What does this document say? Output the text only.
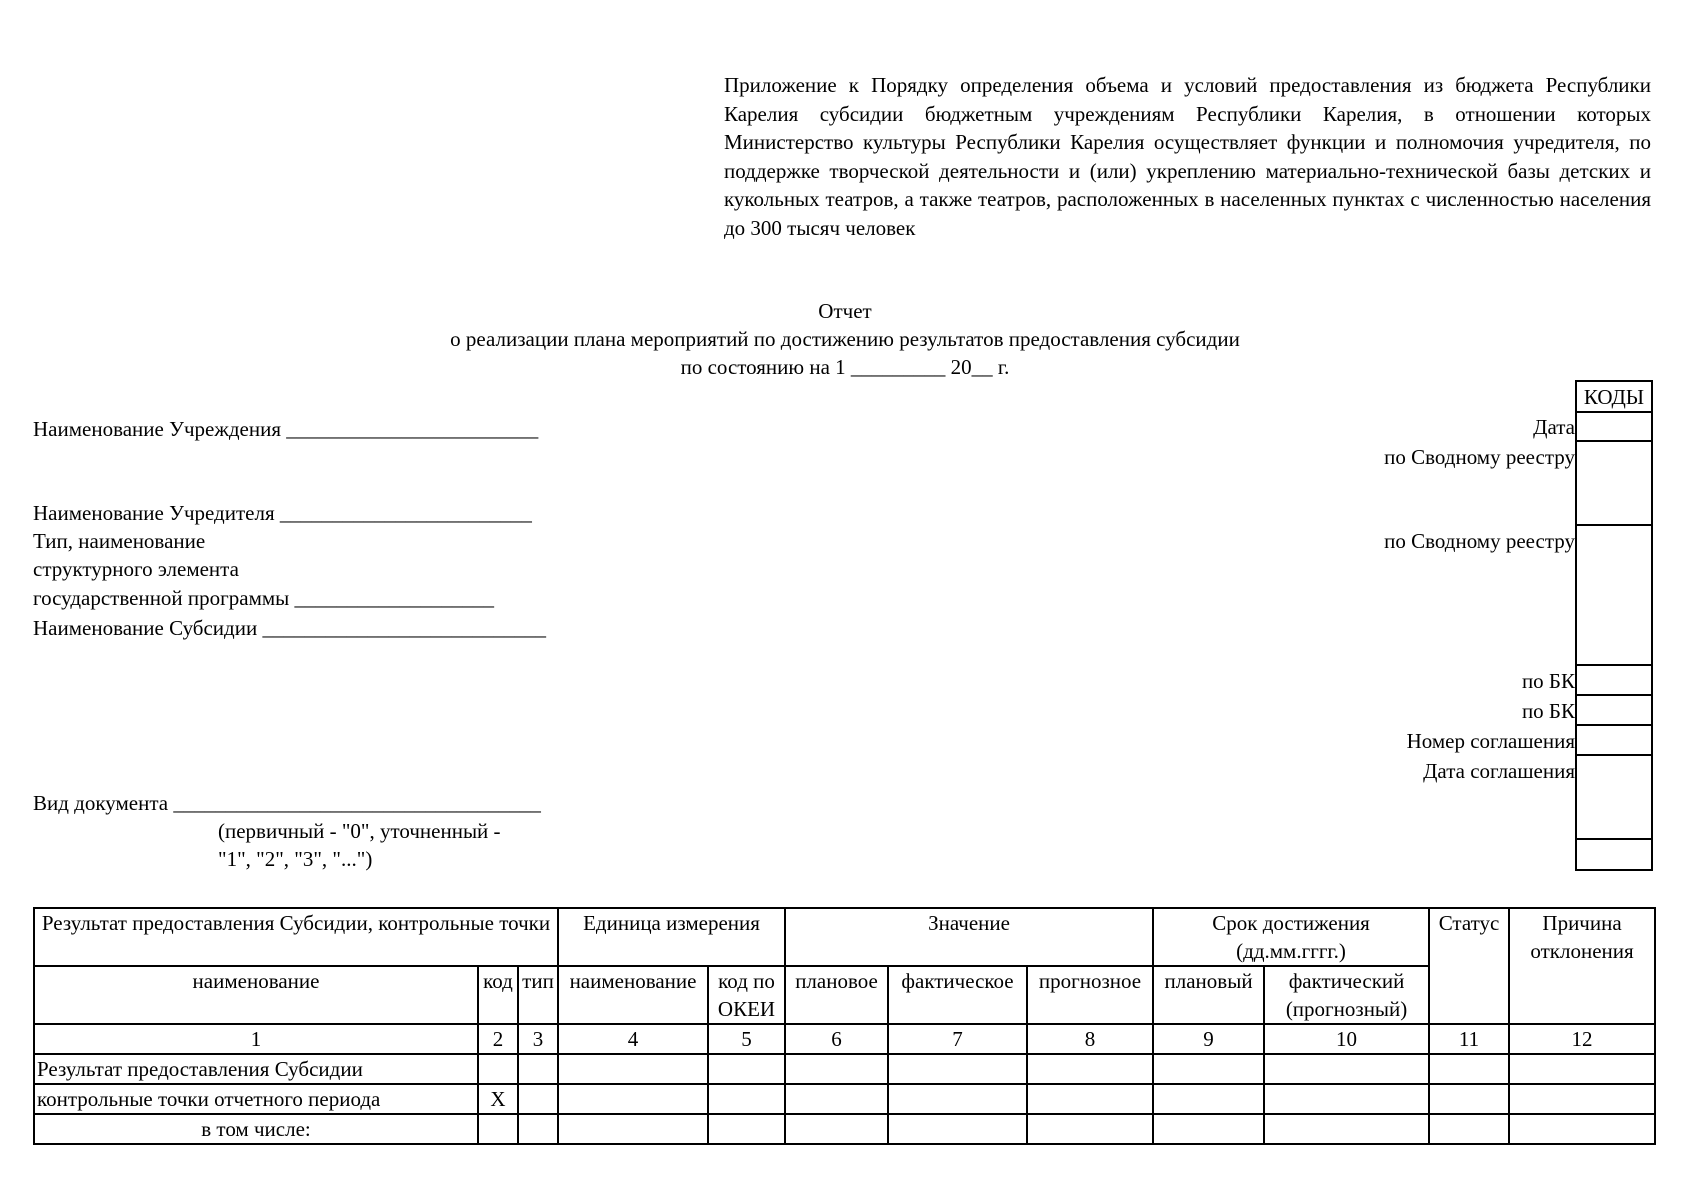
Приложение к Порядку определения объема и условий предоставления из бюджета Республики Карелия субсидии бюджетным учреждениям Республики Карелия, в отношении которых Министерство культуры Республики Карелия осуществляет функции и полномочия учредителя, по поддержке творческой деятельности и (или) укреплению материально-технической базы детских и кукольных театров, а также театров, расположенных в населенных пунктах с численностью населения до 300 тысяч человек
Отчет
о реализации плана мероприятий по достижению результатов предоставления субсидии
по состоянию на 1 _________ 20__ г.
Наименование Учреждения ________________________
Наименование Учредителя ________________________
Тип, наименование
структурного элемента
государственной программы ___________________
Наименование Субсидии ___________________________
Вид документа ___________________________________
(первичный - "0", уточненный -
"1", "2", "3", "...")
КОДЫ
Дата
по Сводному реестру
по Сводному реестру
по БК
по БК
Номер соглашения
Дата соглашения
Результат предоставления Субсидии, контрольные точки			Единица измерения		Значение			Срок достижения (дд.мм.гггг.)		Статус	Причина отклонения
наименование	код	тип	наименование	код по ОКЕИ	плановое	фактическое	прогнозное	плановый	фактический (прогнозный)		
1	2	3	4	5	6	7	8	9	10	11	12
Результат предоставления Субсидии											
контрольные точки отчетного периода	X										
в том числе:											
